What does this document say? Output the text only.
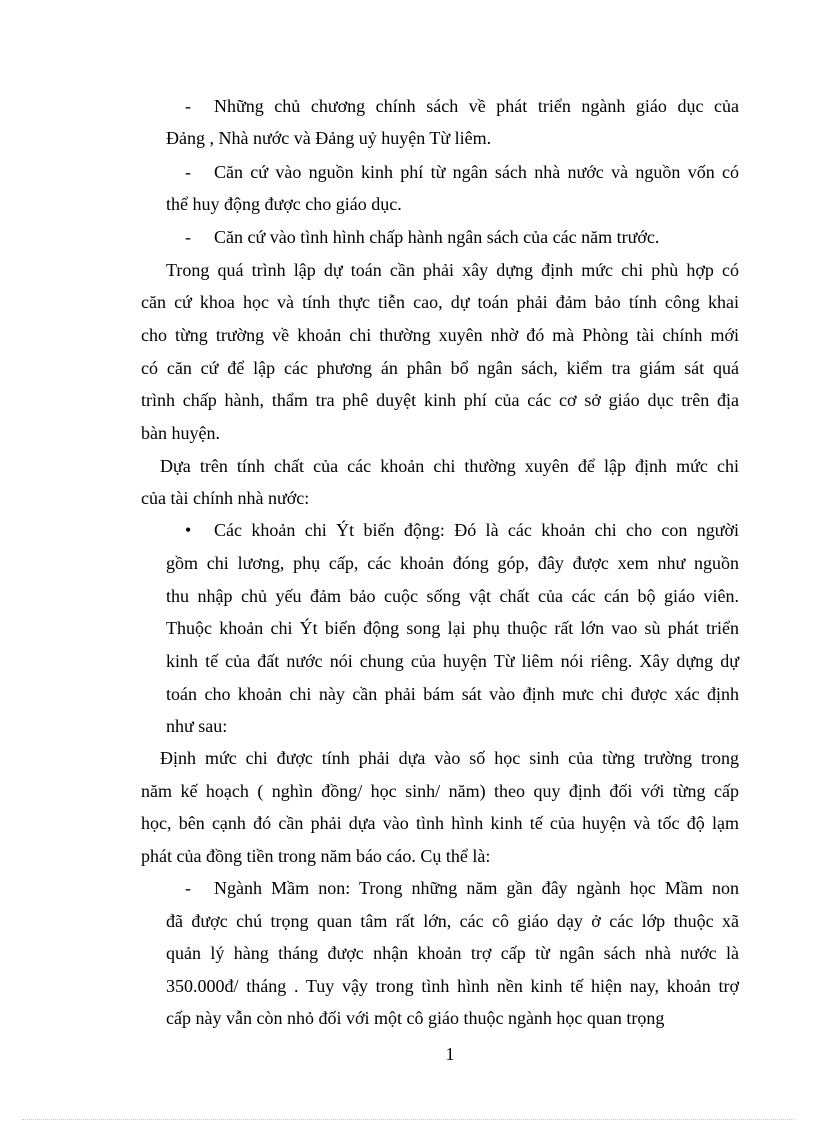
- Những chủ chương chính sách về phát triển ngành giáo dục của
Đảng , Nhà nước và Đảng uỷ huyện Từ liêm.
- Căn cứ vào nguồn kinh phí từ ngân sách nhà nước và nguồn vốn có
thể huy động được cho giáo dục.
- Căn cứ vào tình hình chấp hành ngân sách của các năm trước.
Trong quá trình lập dự toán cần phải xây dựng định mức chi phù hợp có
căn cứ khoa học và tính thực tiễn cao, dự toán phải đảm bảo tính công khai
cho từng trường về khoản chi thường xuyên nhờ đó mà Phòng tài chính mới
có căn cứ để lập các phương án phân bổ ngân sách, kiểm tra giám sát quá
trình chấp hành, thẩm tra phê duyệt kinh phí của các cơ sở giáo dục trên địa
bàn huyện.
Dựa trên tính chất của các khoản chi thường xuyên để lập định mức chi
của tài chính nhà nước:
• Các khoản chi Ýt biến động: Đó là các khoản chi cho con người
gồm chi lương, phụ cấp, các khoản đóng góp, đây được xem như nguồn
thu nhập chủ yếu đảm bảo cuộc sống vật chất của các cán bộ giáo viên.
Thuộc khoản chi Ýt biến động song lại phụ thuộc rất lớn vao sù phát triển
kinh tế của đất nước nói chung của huyện Từ liêm nói riêng. Xây dựng dự
toán cho khoản chi này cần phải bám sát vào định mưc chi được xác định
như sau:
Định mức chi được tính phải dựa vào số học sinh của từng trường trong
năm kế hoạch ( nghìn đồng/ học sinh/ năm) theo quy định đối với từng cấp
học, bên cạnh đó cần phải dựa vào tình hình kinh tế của huyện và tốc độ lạm
phát của đồng tiền trong năm báo cáo. Cụ thể là:
- Ngành Mầm non: Trong những năm gần đây ngành học Mầm non
đã được chú trọng quan tâm rất lớn, các cô giáo dạy ở các lớp thuộc xã
quản lý hàng tháng được nhận khoản trợ cấp từ ngân sách nhà nước là
350.000đ/ tháng . Tuy vậy trong tình hình nền kinh tế hiện nay, khoản trợ
cấp này vẫn còn nhỏ đối với một cô giáo thuộc ngành học quan trọng
1
